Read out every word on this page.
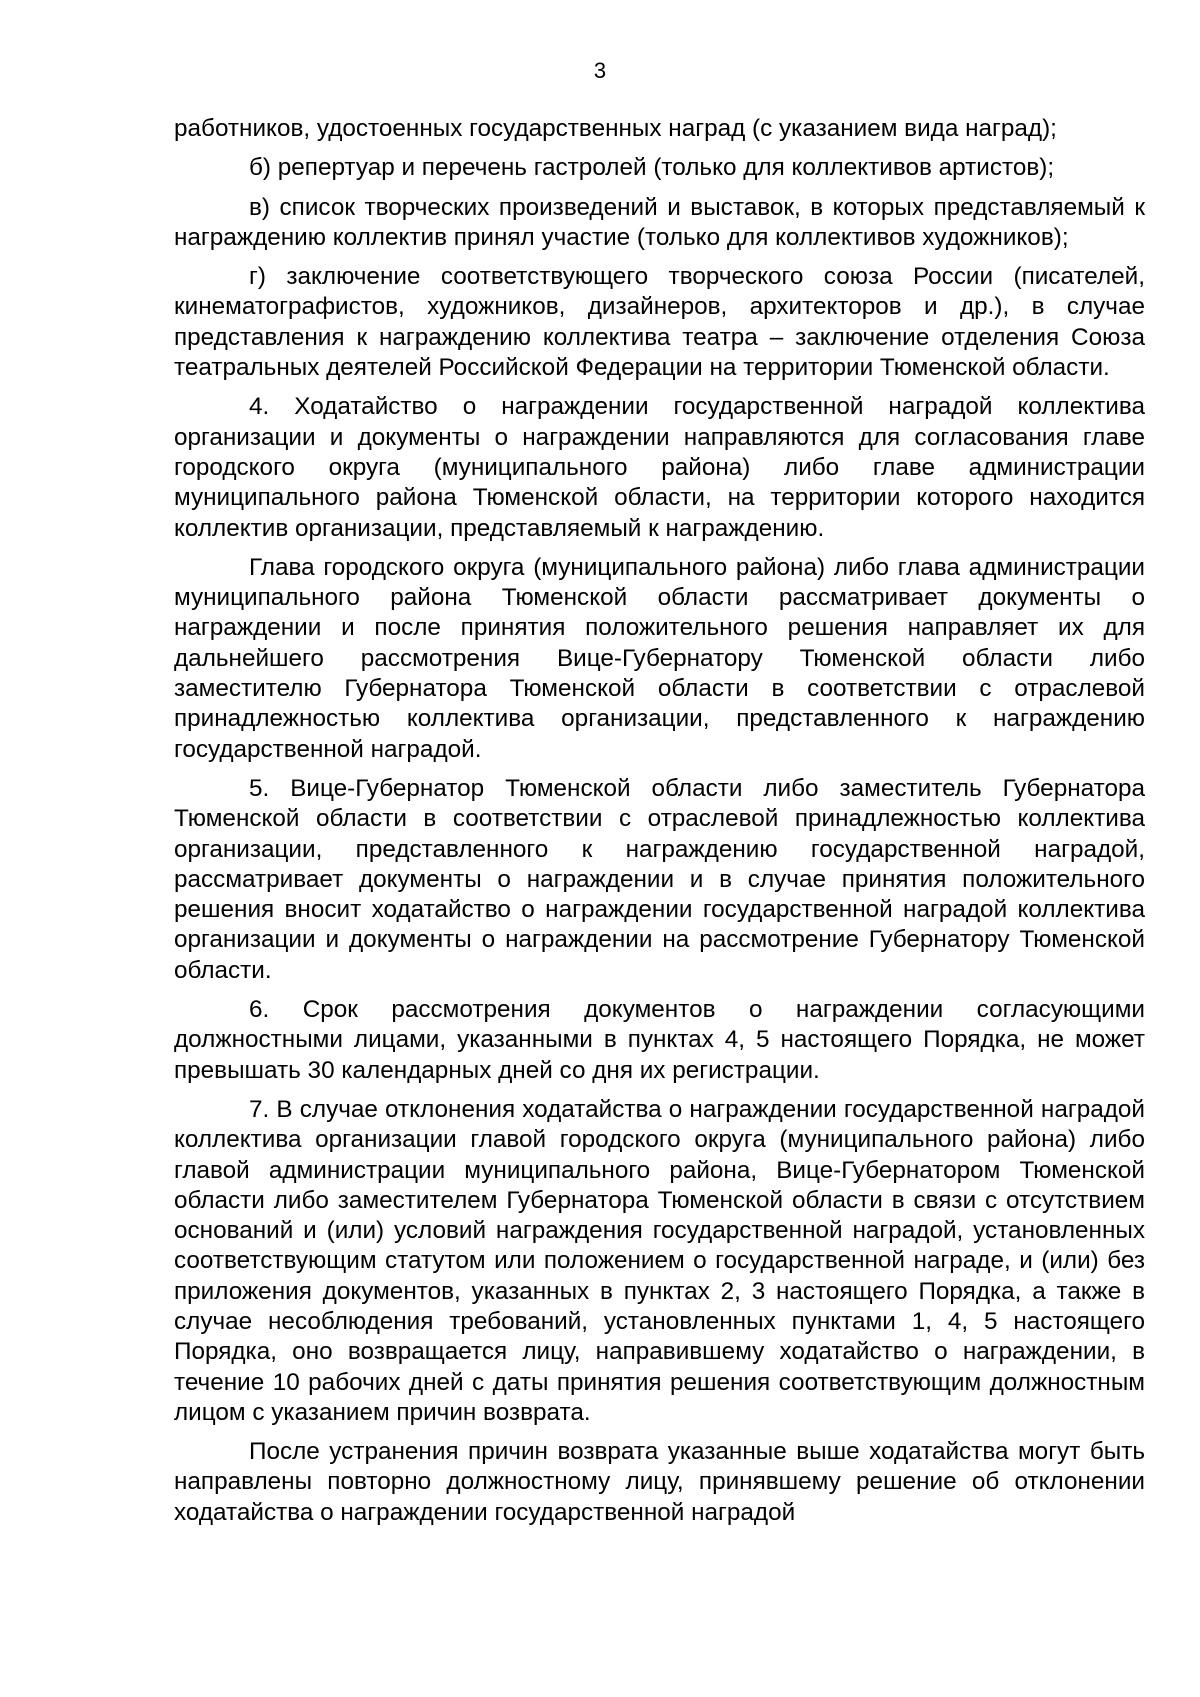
3

работников, удостоенных государственных наград (с указанием вида наград);

б) репертуар и перечень гастролей (только для коллективов артистов);

в) список творческих произведений и выставок, в которых представляемый к награждению коллектив принял участие (только для коллективов художников);

г) заключение соответствующего творческого союза России (писателей, кинематографистов, художников, дизайнеров, архитекторов и др.), в случае представления к награждению коллектива театра – заключение отделения Союза театральных деятелей Российской Федерации на территории Тюменской области.

4. Ходатайство о награждении государственной наградой коллектива организации и документы о награждении направляются для согласования главе городского округа (муниципального района) либо главе администрации муниципального района Тюменской области, на территории которого находится коллектив организации, представляемый к награждению.

Глава городского округа (муниципального района) либо глава администрации муниципального района Тюменской области рассматривает документы о награждении и после принятия положительного решения направляет их для дальнейшего рассмотрения Вице-Губернатору Тюменской области либо заместителю Губернатора Тюменской области в соответствии с отраслевой принадлежностью коллектива организации, представленного к награждению государственной наградой.

5. Вице-Губернатор Тюменской области либо заместитель Губернатора Тюменской области в соответствии с отраслевой принадлежностью коллектива организации, представленного к награждению государственной наградой, рассматривает документы о награждении и в случае принятия положительного решения вносит ходатайство о награждении государственной наградой коллектива организации и документы о награждении на рассмотрение Губернатору Тюменской области.

6. Срок рассмотрения документов о награждении согласующими должностными лицами, указанными в пунктах 4, 5 настоящего Порядка, не может превышать 30 календарных дней со дня их регистрации.

7. В случае отклонения ходатайства о награждении государственной наградой коллектива организации главой городского округа (муниципального района) либо главой администрации муниципального района, Вице-Губернатором Тюменской области либо заместителем Губернатора Тюменской области в связи с отсутствием оснований и (или) условий награждения государственной наградой, установленных соответствующим статутом или положением о государственной награде, и (или) без приложения документов, указанных в пунктах 2, 3 настоящего Порядка, а также в случае несоблюдения требований, установленных пунктами 1, 4, 5 настоящего Порядка, оно возвращается лицу, направившему ходатайство о награждении, в течение 10 рабочих дней с даты принятия решения соответствующим должностным лицом с указанием причин возврата.

После устранения причин возврата указанные выше ходатайства могут быть направлены повторно должностному лицу, принявшему решение об отклонении ходатайства о награждении государственной наградой
